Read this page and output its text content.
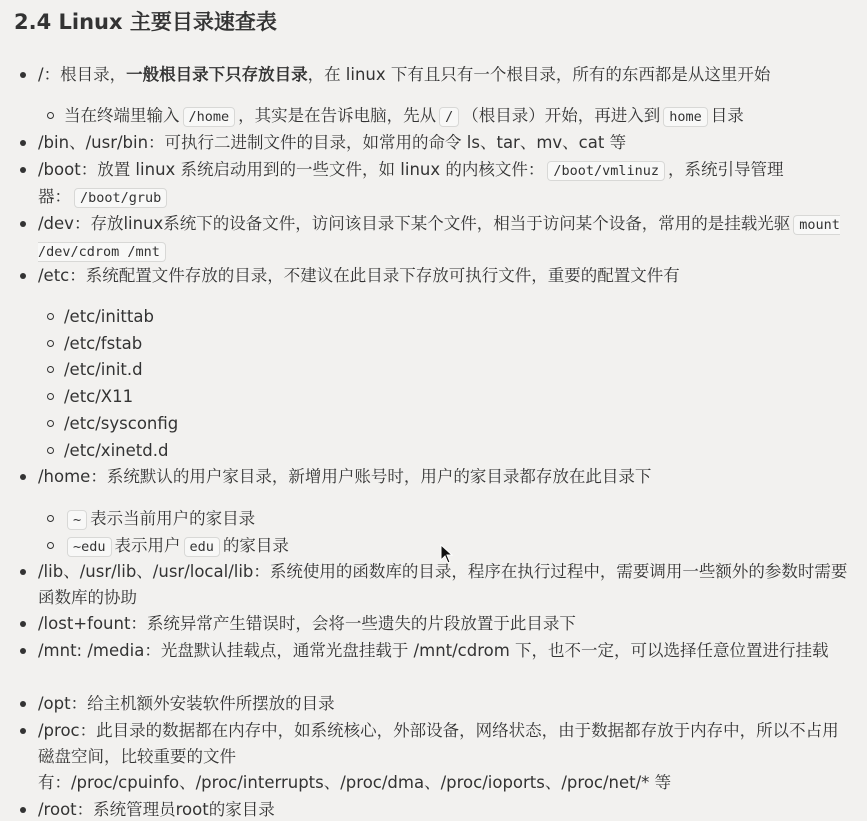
2.4 Linux 主要目录速查表
/：根目录，一般根目录下只存放目录，在 linux 下有且只有一个根目录，所有的东西都是从这里开始
当在终端里输入 /home ，其实是在告诉电脑，先从 / （根目录）开始，再进入到 home 目录
/bin、/usr/bin：可执行二进制文件的目录，如常用的命令 ls、tar、mv、cat 等
/boot：放置 linux 系统启动用到的一些文件，如 linux 的内核文件： /boot/vmlinuz ，系统引导管理器： /boot/grub
/dev：存放linux系统下的设备文件，访问该目录下某个文件，相当于访问某个设备，常用的是挂载光驱 mount /dev/cdrom /mnt
/etc：系统配置文件存放的目录，不建议在此目录下存放可执行文件，重要的配置文件有
/etc/inittab
/etc/fstab
/etc/init.d
/etc/X11
/etc/sysconfig
/etc/xinetd.d
/home：系统默认的用户家目录，新增用户账号时，用户的家目录都存放在此目录下
~ 表示当前用户的家目录
~edu 表示用户 edu 的家目录
/lib、/usr/lib、/usr/local/lib：系统使用的函数库的目录，程序在执行过程中，需要调用一些额外的参数时需要函数库的协助
/lost+fount：系统异常产生错误时，会将一些遗失的片段放置于此目录下
/mnt: /media：光盘默认挂载点，通常光盘挂载于 /mnt/cdrom 下，也不一定，可以选择任意位置进行挂载
/opt：给主机额外安装软件所摆放的目录
/proc：此目录的数据都在内存中，如系统核心，外部设备，网络状态，由于数据都存放于内存中，所以不占用磁盘空间，比较重要的文件
有：/proc/cpuinfo、/proc/interrupts、/proc/dma、/proc/ioports、/proc/net/* 等
/root：系统管理员root的家目录
